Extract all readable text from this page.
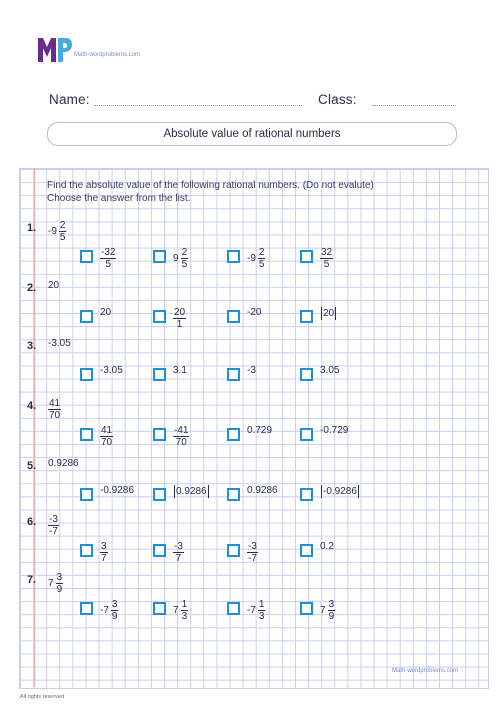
Math-wordproblems.com
Name:	Class:
Absolute value of rational numbers
Find the absolute value of the following rational numbers. (Do not evalute)
Choose the answer from the list.
1. $-9 \frac{2}{5}$
$\frac{-32}{5}$	$9 \frac{2}{5}$	$-9 \frac{2}{5}$	$\frac{32}{5}$
2. 20
20	$\frac{20}{1}$	-20	20
3. -3.05
-3.05	3.1	-3	3.05
4. $\frac{41}{70}$
$\frac{41}{70}$	$\frac{-41}{70}$	0.729	-0.729
5. 0.9286
-0.9286	0.9286	0.9286	-0.9286
6. $\frac{-3}{-7}$
$\frac{3}{7}$	$\frac{-3}{7}$	$\frac{-3}{-7}$	0.2
7. $7 \frac{3}{9}$
$-7 \frac{3}{9}$	$7 \frac{1}{3}$	$-7 \frac{1}{3}$	$7 \frac{3}{9}$
Math-wordproblems.com
All rights reserved
